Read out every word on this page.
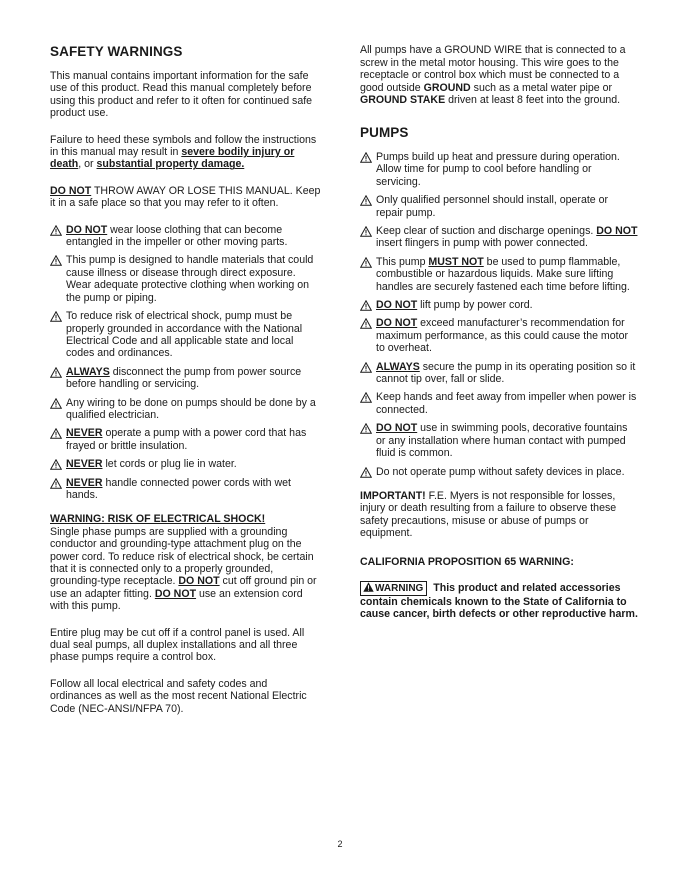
SAFETY WARNINGS

This manual contains important information for the safe use of this product. Read this manual completely before using this product and refer to it often for continued safe product use.

Failure to heed these symbols and follow the instructions in this manual may result in severe bodily injury or death, or substantial property damage.

DO NOT THROW AWAY OR LOSE THIS MANUAL. Keep it in a safe place so that you may refer to it often.

DO NOT wear loose clothing that can become entangled in the impeller or other moving parts.
This pump is designed to handle materials that could cause illness or disease through direct exposure. Wear adequate protective clothing when working on the pump or piping.
To reduce risk of electrical shock, pump must be properly grounded in accordance with the National Electrical Code and all applicable state and local codes and ordinances.
ALWAYS disconnect the pump from power source before handling or servicing.
Any wiring to be done on pumps should be done by a qualified electrician.
NEVER operate a pump with a power cord that has frayed or brittle insulation.
NEVER let cords or plug lie in water.
NEVER handle connected power cords with wet hands.

WARNING: RISK OF ELECTRICAL SHOCK!

Single phase pumps are supplied with a grounding conductor and grounding-type attachment plug on the power cord. To reduce risk of electrical shock, be certain that it is connected only to a properly grounded, grounding-type receptacle. DO NOT cut off ground pin or use an adapter fitting. DO NOT use an extension cord with this pump.

Entire plug may be cut off if a control panel is used. All dual seal pumps, all duplex installations and all three phase pumps require a control box.

Follow all local electrical and safety codes and ordinances as well as the most recent National Electric Code (NEC-ANSI/NFPA 70).

All pumps have a GROUND WIRE that is connected to a screw in the metal motor housing. This wire goes to the receptacle or control box which must be connected to a good outside GROUND such as a metal water pipe or GROUND STAKE driven at least 8 feet into the ground.

PUMPS
Pumps build up heat and pressure during operation. Allow time for pump to cool before handling or servicing.
Only qualified personnel should install, operate or repair pump.
Keep clear of suction and discharge openings. DO NOT insert flingers in pump with power connected.
This pump MUST NOT be used to pump flammable, combustible or hazardous liquids. Make sure lifting handles are securely fastened each time before lifting.
DO NOT lift pump by power cord.
DO NOT exceed manufacturer’s recommendation for maximum performance, as this could cause the motor to overheat.
ALWAYS secure the pump in its operating position so it cannot tip over, fall or slide.
Keep hands and feet away from impeller when power is connected.
DO NOT use in swimming pools, decorative fountains or any installation where human contact with pumped fluid is common.
Do not operate pump without safety devices in place.

IMPORTANT! F.E. Myers is not responsible for losses, injury or death resulting from a failure to observe these safety precautions, misuse or abuse of pumps or equipment.

CALIFORNIA PROPOSITION 65 WARNING:

WARNING This product and related accessories contain chemicals known to the State of California to cause cancer, birth defects or other reproductive harm.

2
